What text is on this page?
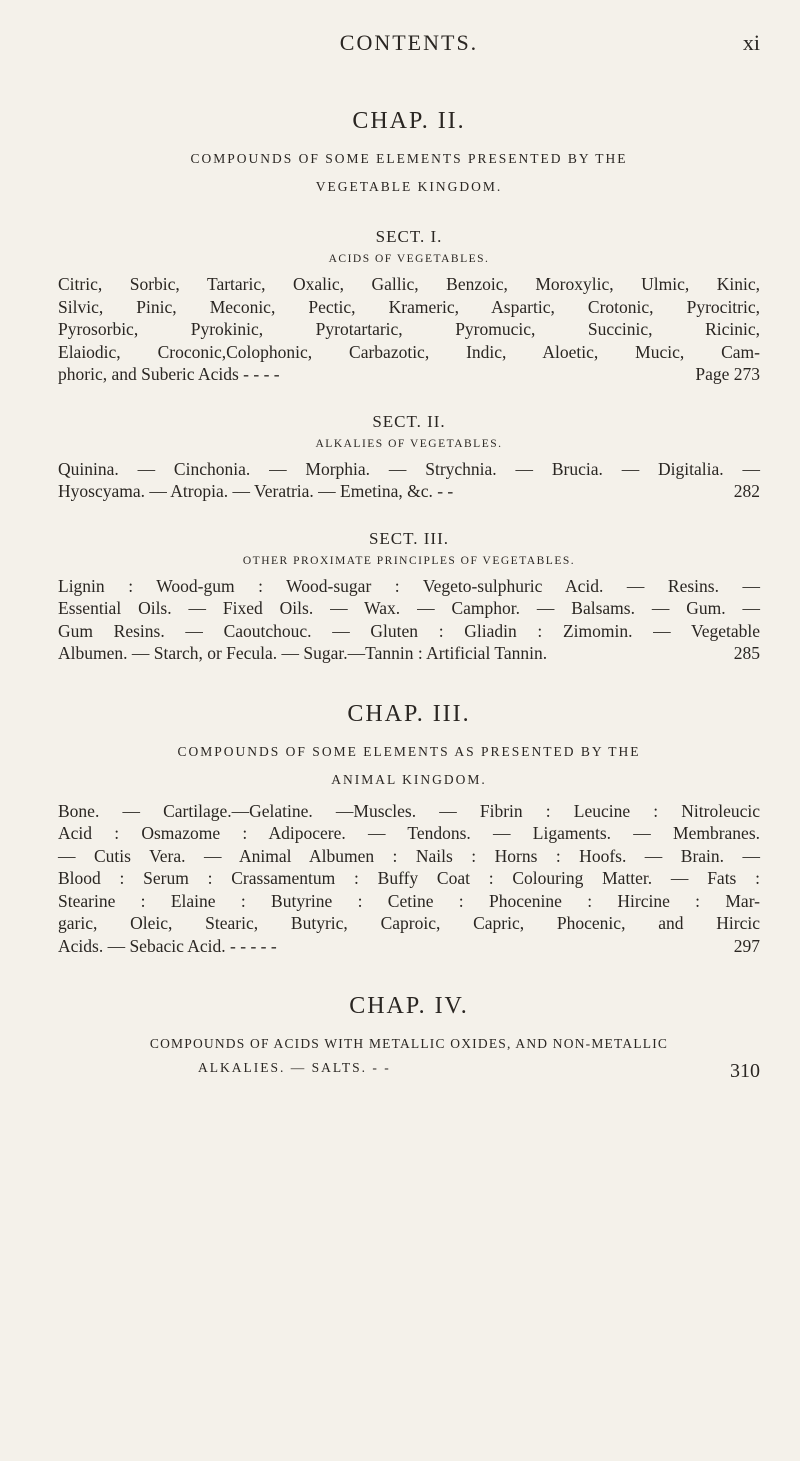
CONTENTS.	xi
CHAP. II.
COMPOUNDS OF SOME ELEMENTS PRESENTED BY THE
VEGETABLE KINGDOM.
SECT. I.
ACIDS OF VEGETABLES.
Citric, Sorbic, Tartaric, Oxalic, Gallic, Benzoic, Moroxylic, Ulmic, Kinic,
Silvic, Pinic, Meconic, Pectic, Krameric, Aspartic, Crotonic, Pyrocitric,
Pyrosorbic, Pyrokinic, Pyrotartaric, Pyromucic, Succinic, Ricinic,
Elaiodic, Croconic,Colophonic, Carbazotic, Indic, Aloetic, Mucic, Cam-
phoric, and Suberic Acids - - - -	Page 273
SECT. II.
ALKALIES OF VEGETABLES.
Quinina. — Cinchonia. — Morphia. — Strychnia. — Brucia. — Digitalia. —
Hyoscyama. — Atropia. — Veratria. — Emetina, &c. - -	282
SECT. III.
OTHER PROXIMATE PRINCIPLES OF VEGETABLES.
Lignin : Wood-gum : Wood-sugar : Vegeto-sulphuric Acid. — Resins. —
Essential Oils. — Fixed Oils. — Wax. — Camphor. — Balsams. — Gum. —
Gum Resins. — Caoutchouc. — Gluten : Gliadin : Zimomin. — Vegetable
Albumen. — Starch, or Fecula. — Sugar.—Tannin : Artificial Tannin.	285
CHAP. III.
COMPOUNDS OF SOME ELEMENTS AS PRESENTED BY THE
ANIMAL KINGDOM.
Bone. — Cartilage.—Gelatine. —Muscles. — Fibrin : Leucine : Nitroleucic
Acid : Osmazome : Adipocere. — Tendons. — Ligaments. — Membranes.
— Cutis Vera. — Animal Albumen : Nails : Horns : Hoofs. — Brain. —
Blood : Serum : Crassamentum : Buffy Coat : Colouring Matter. — Fats :
Stearine : Elaine : Butyrine : Cetine : Phocenine : Hircine : Mar-
garic, Oleic, Stearic, Butyric, Caproic, Capric, Phocenic, and Hircic
Acids. — Sebacic Acid. - - - - -	297
CHAP. IV.
COMPOUNDS OF ACIDS WITH METALLIC OXIDES, AND NON-METALLIC
ALKALIES. — SALTS. - -	310
